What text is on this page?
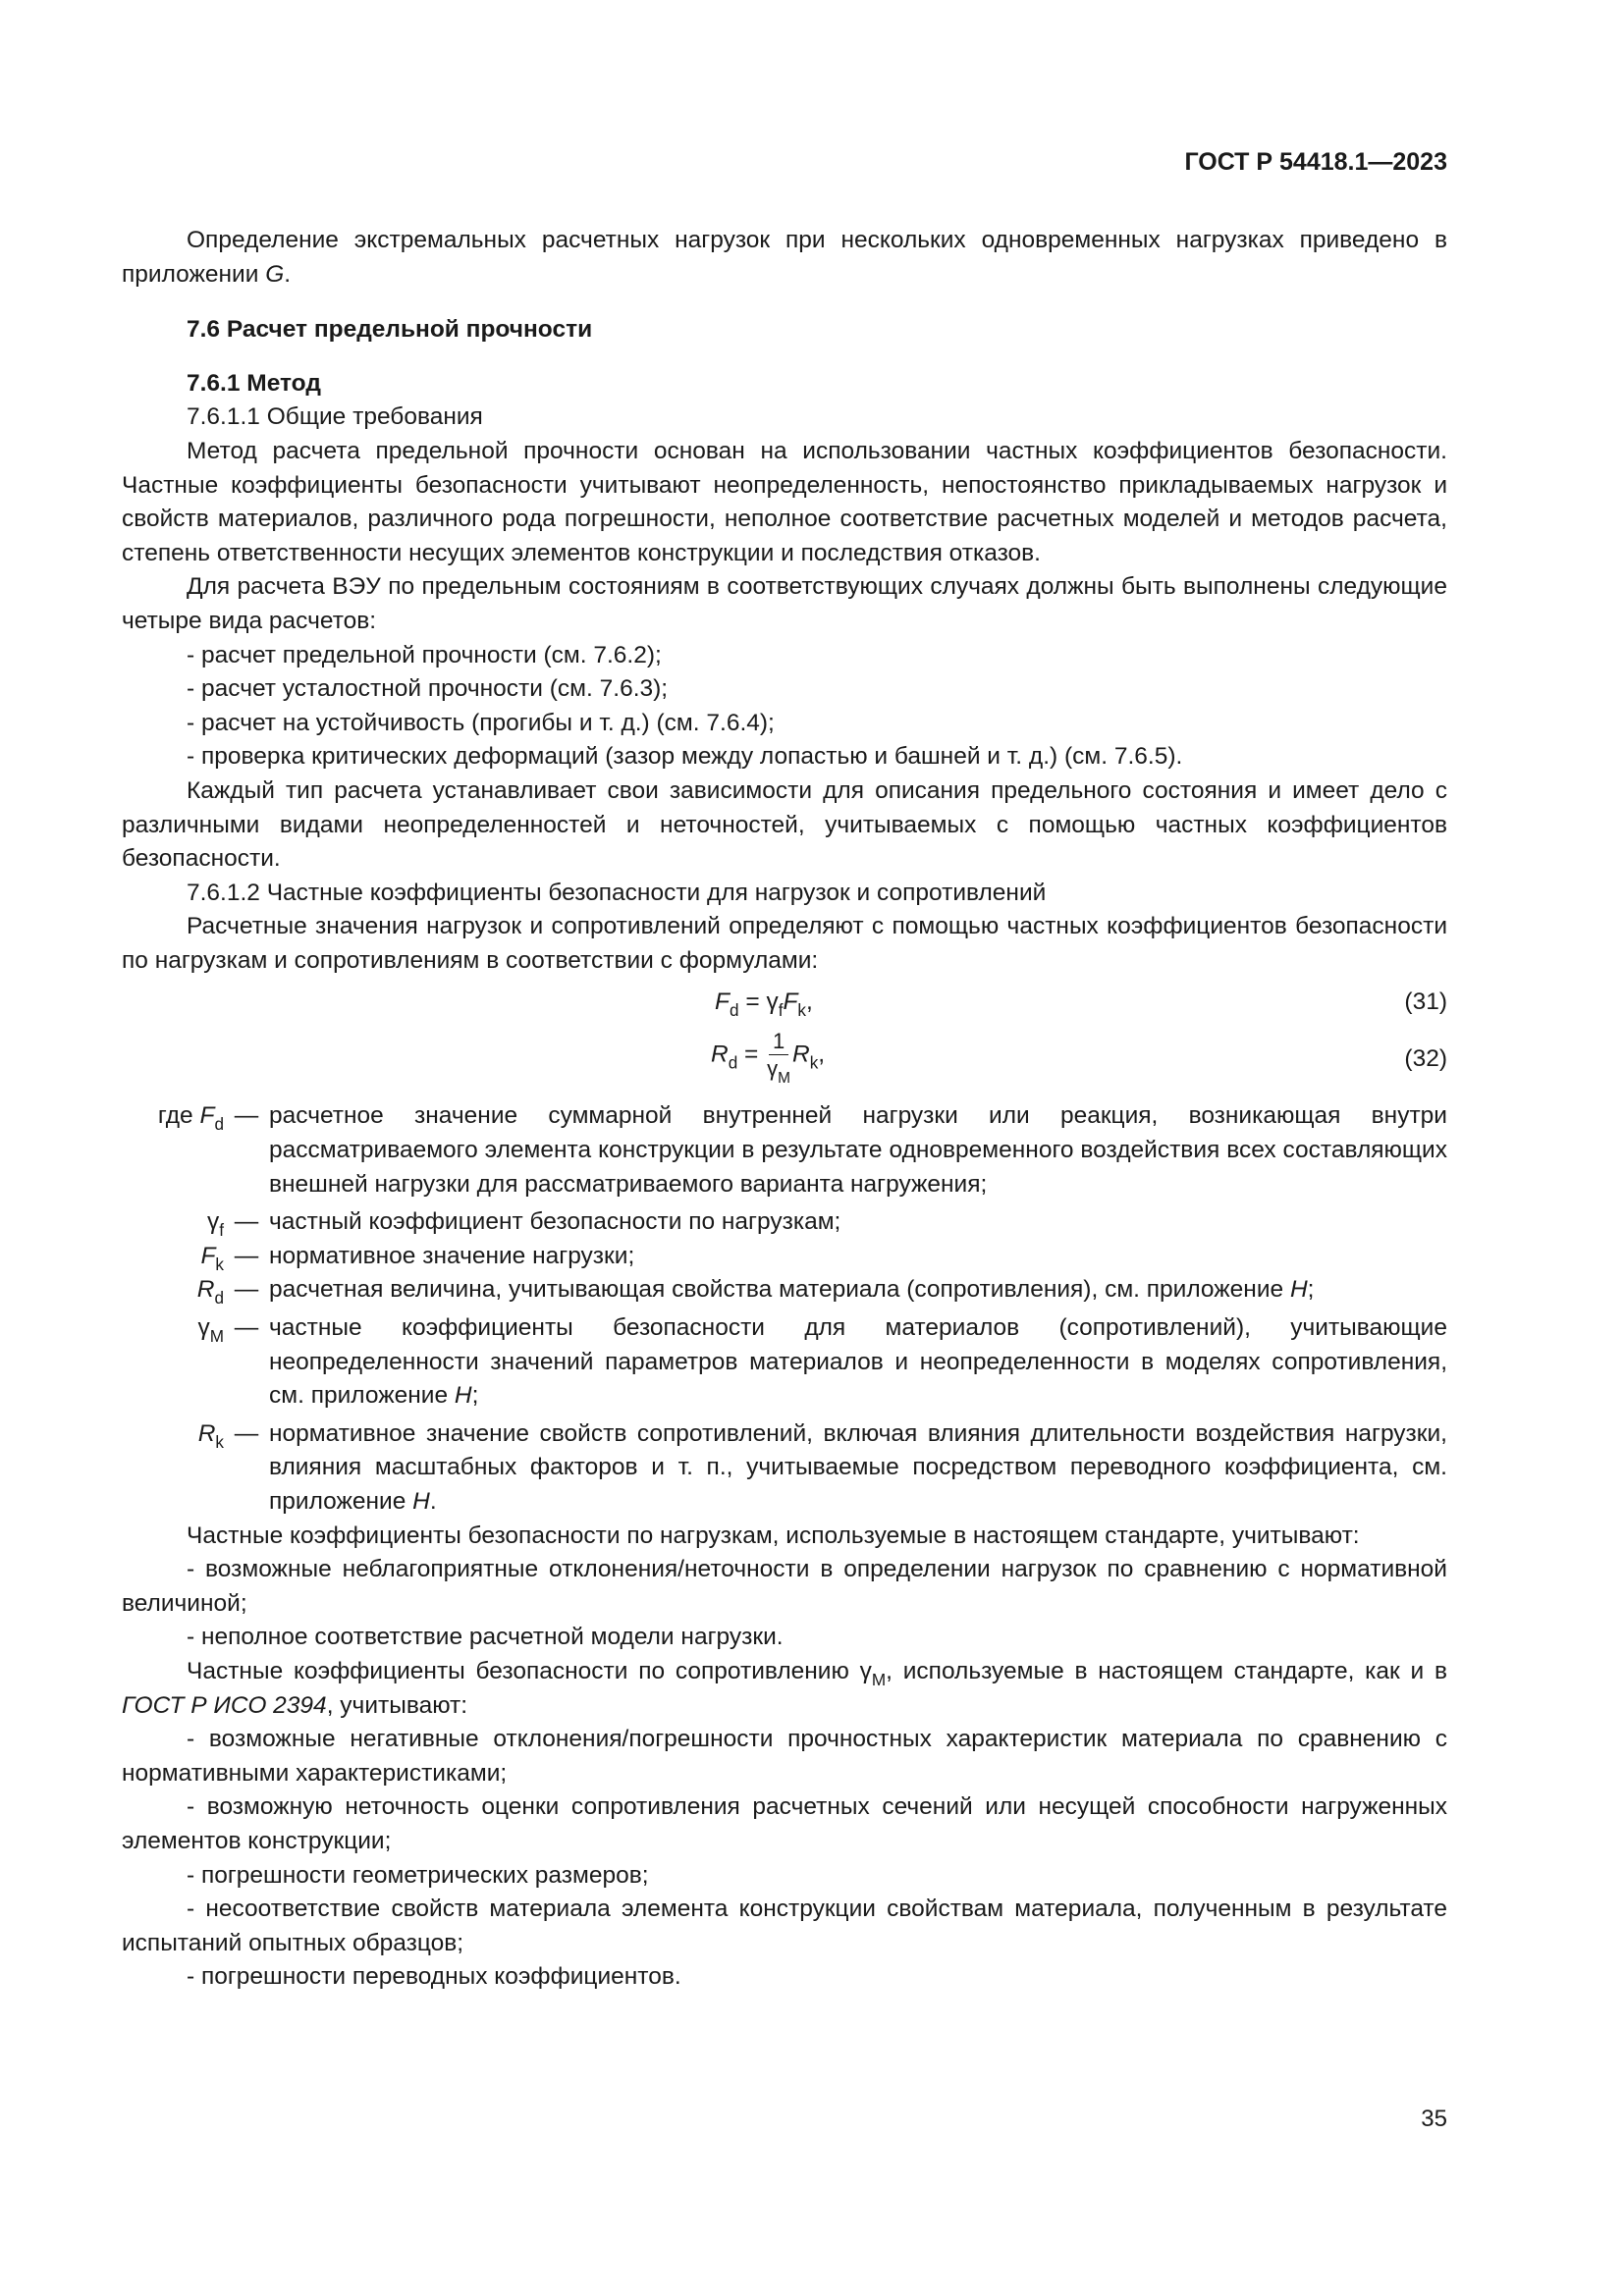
ГОСТ Р 54418.1—2023

Определение экстремальных расчетных нагрузок при нескольких одновременных нагрузках приведено в приложении G.

7.6 Расчет предельной прочности

7.6.1 Метод

7.6.1.1 Общие требования

Метод расчета предельной прочности основан на использовании частных коэффициентов безопасности. Частные коэффициенты безопасности учитывают неопределенность, непостоянство прикладываемых нагрузок и свойств материалов, различного рода погрешности, неполное соответствие расчетных моделей и методов расчета, степень ответственности несущих элементов конструкции и последствия отказов.

Для расчета ВЭУ по предельным состояниям в соответствующих случаях должны быть выполнены следующие четыре вида расчетов:

- расчет предельной прочности (см. 7.6.2);

- расчет усталостной прочности (см. 7.6.3);

- расчет на устойчивость (прогибы и т. д.) (см. 7.6.4);

- проверка критических деформаций (зазор между лопастью и башней и т. д.) (см. 7.6.5).

Каждый тип расчета устанавливает свои зависимости для описания предельного состояния и имеет дело с различными видами неопределенностей и неточностей, учитываемых с помощью частных коэффициентов безопасности.

7.6.1.2 Частные коэффициенты безопасности для нагрузок и сопротивлений

Расчетные значения нагрузок и сопротивлений определяют с помощью частных коэффициентов безопасности по нагрузкам и сопротивлениям в соответствии с формулами:

$F_d = \gamma_fF_k$,	(31)
$R_d = \frac{1}{\gamma_M} R_k$,	(32)
где $F_d$ — расчетное значение суммарной внутренней нагрузки или реакция, возникающая внутри рассматриваемого элемента конструкции в результате одновременного воздействия всех составляющих внешней нагрузки для рассматриваемого варианта нагружения;
$\gamma_f$ — частный коэффициент безопасности по нагрузкам;
$F_k$ — нормативное значение нагрузки;
$R_d$ — расчетная величина, учитывающая свойства материала (сопротивления), см. приложение H;
$\gamma_M$ — частные коэффициенты безопасности для материалов (сопротивлений), учитывающие неопределенности значений параметров материалов и неопределенности в моделях сопротивления, см. приложение H;
$R_k$ — нормативное значение свойств сопротивлений, включая влияния длительности воздействия нагрузки, влияния масштабных факторов и т. п., учитываемые посредством переводного коэффициента, см. приложение H.

Частные коэффициенты безопасности по нагрузкам, используемые в настоящем стандарте, учитывают:

- возможные неблагоприятные отклонения/неточности в определении нагрузок по сравнению с нормативной величиной;

- неполное соответствие расчетной модели нагрузки.

Частные коэффициенты безопасности по сопротивлению $\gamma_M$, используемые в настоящем стандарте, как и в ГОСТ Р ИСО 2394, учитывают:

- возможные негативные отклонения/погрешности прочностных характеристик материала по сравнению с нормативными характеристиками;

- возможную неточность оценки сопротивления расчетных сечений или несущей способности нагруженных элементов конструкции;

- погрешности геометрических размеров;

- несоответствие свойств материала элемента конструкции свойствам материала, полученным в результате испытаний опытных образцов;

- погрешности переводных коэффициентов.

35
